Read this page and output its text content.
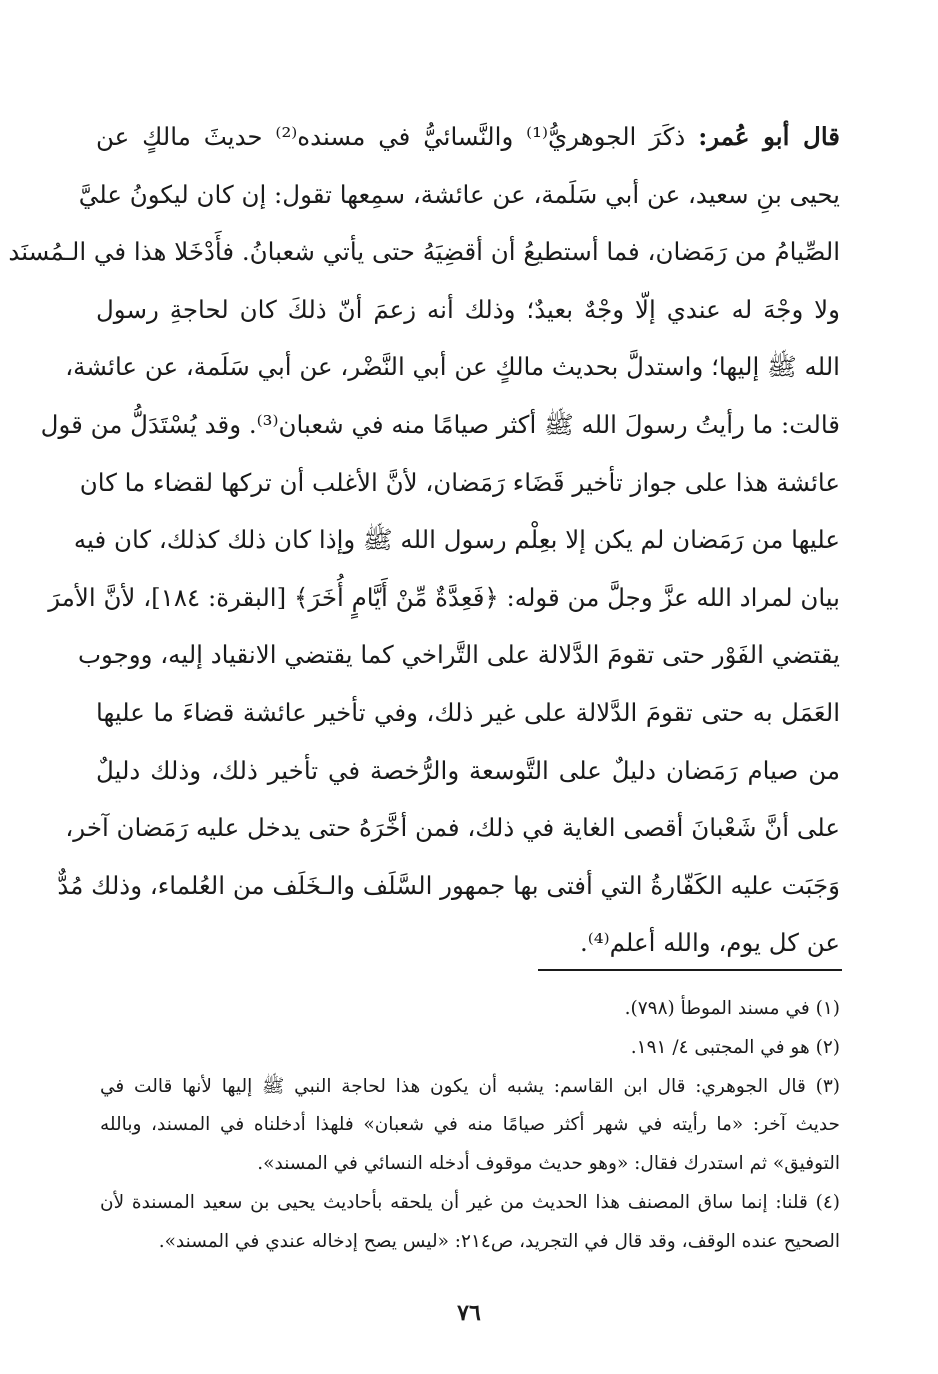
قال أبو عُمر: ذكَرَ الجوهريُّ⁽¹⁾ والنَّسائيُّ في مسنده⁽²⁾ حديثَ مالكٍ عن
يحيى بنِ سعيد، عن أبي سَلَمة، عن عائشة، سمِعها تقول: إن كان ليكونُ عليَّ
الصِّيامُ من رَمَضان، فما أستطيعُ أن أقضِيَهُ حتى يأتي شعبانُ. فأَدْخَلا هذا في الـمُسنَد
ولا وجْهَ له عندي إلّا وجْهٌ بعيدٌ؛ وذلك أنه زعمَ أنّ ذلكَ كان لحاجةِ رسول
الله ﷺ إليها؛ واستدلَّ بحديث مالكٍ عن أبي النَّضْر، عن أبي سَلَمة، عن عائشة،
قالت: ما رأيتُ رسولَ الله ﷺ أكثر صيامًا منه في شعبان⁽³⁾. وقد يُسْتَدَلُّ من قول
عائشة هذا على جواز تأخير قَضَاء رَمَضان، لأنَّ الأغلب أن تركها لقضاء ما كان
عليها من رَمَضان لم يكن إلا بعِلْم رسول الله ﷺ وإذا كان ذلك كذلك، كان فيه
بيان لمراد الله عزَّ وجلَّ من قوله: ﴿فَعِدَّةٌ مِّنْ أَيَّامٍ أُخَرَ﴾ [البقرة: ١٨٤]، لأنَّ الأمرَ
يقتضي الفَوْر حتى تقومَ الدَّلالة على التَّراخي كما يقتضي الانقياد إليه، ووجوب
العَمَل به حتى تقومَ الدَّلالة على غير ذلك، وفي تأخير عائشة قضاءَ ما عليها
من صيام رَمَضان دليلٌ على التَّوسعة والرُّخصة في تأخير ذلك، وذلك دليلٌ
على أنَّ شَعْبانَ أقصى الغاية في ذلك، فمن أخَّرَهُ حتى يدخل عليه رَمَضان آخر،
وَجَبَت عليه الكَفّارةُ التي أفتى بها جمهور السَّلَف والـخَلَف من العُلماء، وذلك مُدٌّ
عن كل يوم، والله أعلم⁽⁴⁾.
(١) في مسند الموطأ (٧٩٨).
(٢) هو في المجتبى ٤/ ١٩١.
(٣) قال الجوهري: قال ابن القاسم: يشبه أن يكون هذا لحاجة النبي ﷺ إليها لأنها قالت في
حديث آخر: «ما رأيته في شهر أكثر صيامًا منه في شعبان» فلهذا أدخلناه في المسند، وبالله
التوفيق» ثم استدرك فقال: «وهو حديث موقوف أدخله النسائي في المسند».
(٤) قلنا: إنما ساق المصنف هذا الحديث من غير أن يلحقه بأحاديث يحيى بن سعيد المسندة لأن
الصحيح عنده الوقف، وقد قال في التجريد، ص٢١٤: «ليس يصح إدخاله عندي في المسند».
٧٦
